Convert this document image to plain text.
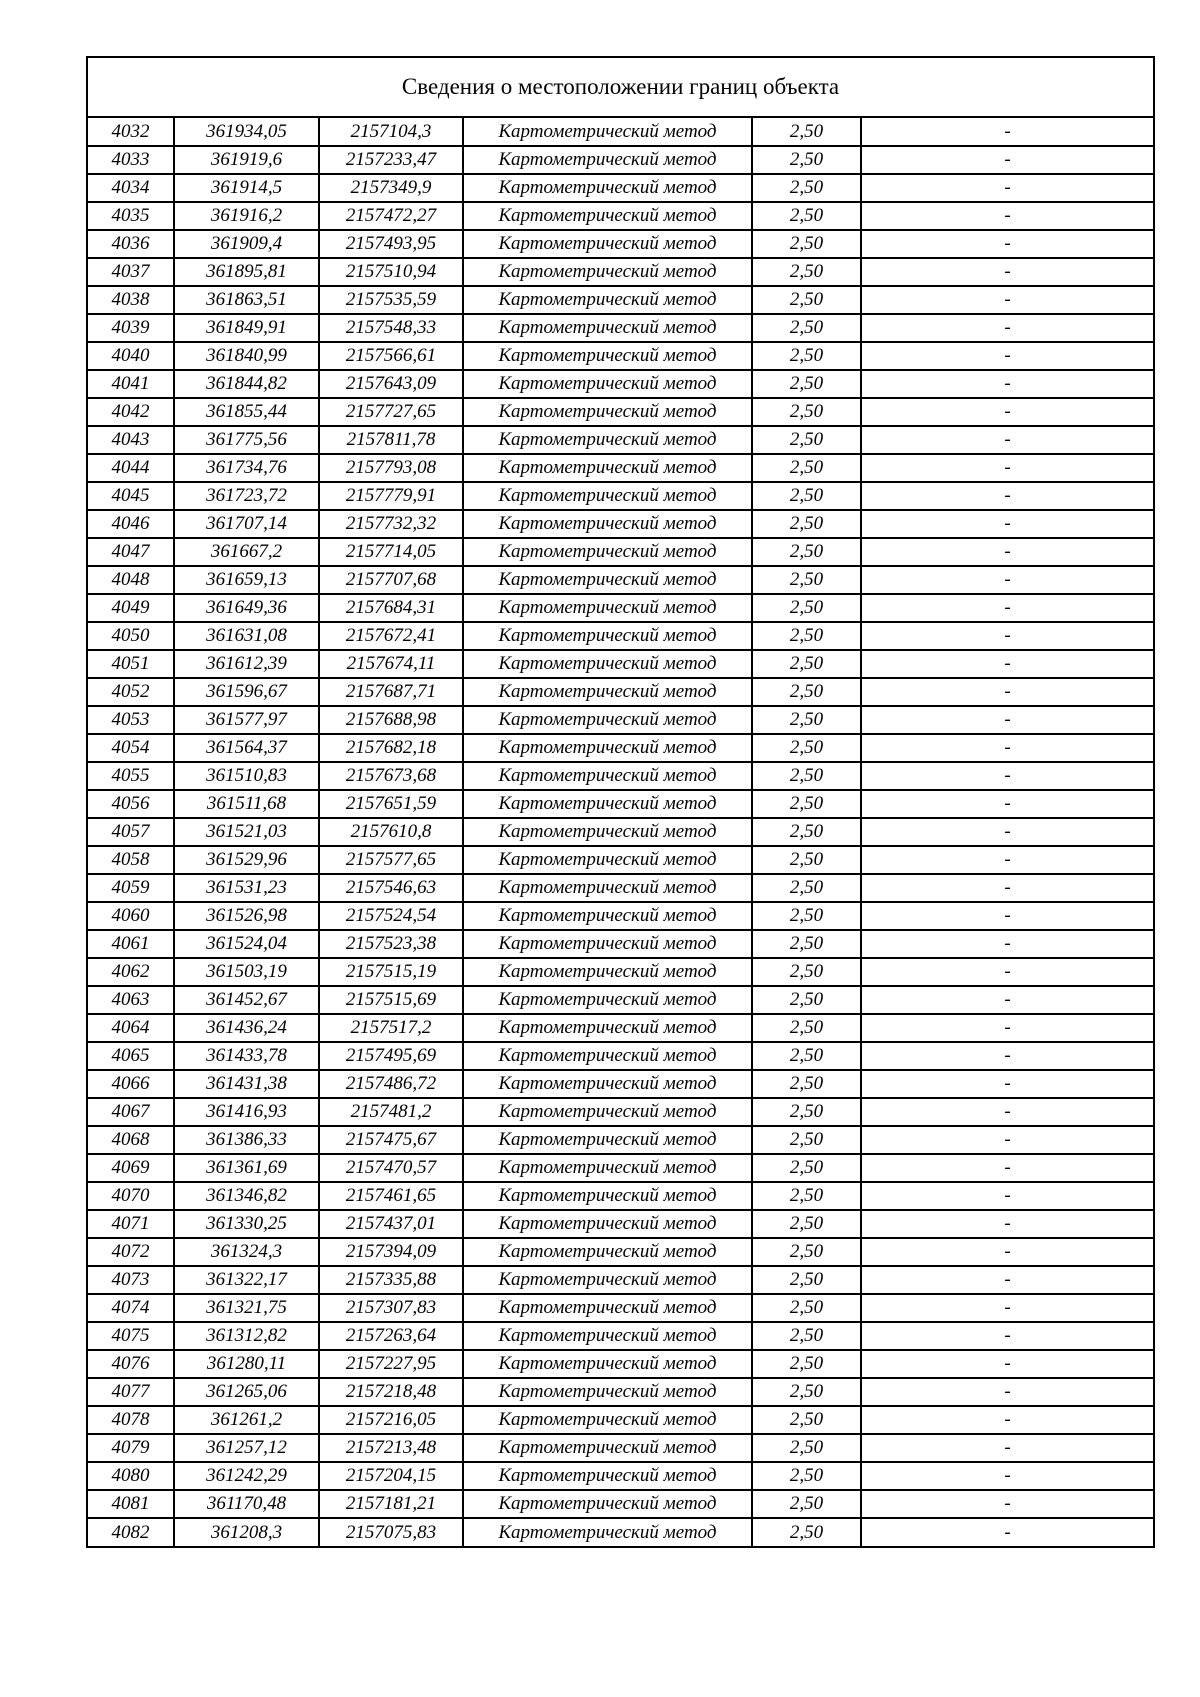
Сведения о местоположении границ объекта
4032	361934,05	2157104,3	Картометрический метод	2,50	-
4033	361919,6	2157233,47	Картометрический метод	2,50	-
4034	361914,5	2157349,9	Картометрический метод	2,50	-
4035	361916,2	2157472,27	Картометрический метод	2,50	-
4036	361909,4	2157493,95	Картометрический метод	2,50	-
4037	361895,81	2157510,94	Картометрический метод	2,50	-
4038	361863,51	2157535,59	Картометрический метод	2,50	-
4039	361849,91	2157548,33	Картометрический метод	2,50	-
4040	361840,99	2157566,61	Картометрический метод	2,50	-
4041	361844,82	2157643,09	Картометрический метод	2,50	-
4042	361855,44	2157727,65	Картометрический метод	2,50	-
4043	361775,56	2157811,78	Картометрический метод	2,50	-
4044	361734,76	2157793,08	Картометрический метод	2,50	-
4045	361723,72	2157779,91	Картометрический метод	2,50	-
4046	361707,14	2157732,32	Картометрический метод	2,50	-
4047	361667,2	2157714,05	Картометрический метод	2,50	-
4048	361659,13	2157707,68	Картометрический метод	2,50	-
4049	361649,36	2157684,31	Картометрический метод	2,50	-
4050	361631,08	2157672,41	Картометрический метод	2,50	-
4051	361612,39	2157674,11	Картометрический метод	2,50	-
4052	361596,67	2157687,71	Картометрический метод	2,50	-
4053	361577,97	2157688,98	Картометрический метод	2,50	-
4054	361564,37	2157682,18	Картометрический метод	2,50	-
4055	361510,83	2157673,68	Картометрический метод	2,50	-
4056	361511,68	2157651,59	Картометрический метод	2,50	-
4057	361521,03	2157610,8	Картометрический метод	2,50	-
4058	361529,96	2157577,65	Картометрический метод	2,50	-
4059	361531,23	2157546,63	Картометрический метод	2,50	-
4060	361526,98	2157524,54	Картометрический метод	2,50	-
4061	361524,04	2157523,38	Картометрический метод	2,50	-
4062	361503,19	2157515,19	Картометрический метод	2,50	-
4063	361452,67	2157515,69	Картометрический метод	2,50	-
4064	361436,24	2157517,2	Картометрический метод	2,50	-
4065	361433,78	2157495,69	Картометрический метод	2,50	-
4066	361431,38	2157486,72	Картометрический метод	2,50	-
4067	361416,93	2157481,2	Картометрический метод	2,50	-
4068	361386,33	2157475,67	Картометрический метод	2,50	-
4069	361361,69	2157470,57	Картометрический метод	2,50	-
4070	361346,82	2157461,65	Картометрический метод	2,50	-
4071	361330,25	2157437,01	Картометрический метод	2,50	-
4072	361324,3	2157394,09	Картометрический метод	2,50	-
4073	361322,17	2157335,88	Картометрический метод	2,50	-
4074	361321,75	2157307,83	Картометрический метод	2,50	-
4075	361312,82	2157263,64	Картометрический метод	2,50	-
4076	361280,11	2157227,95	Картометрический метод	2,50	-
4077	361265,06	2157218,48	Картометрический метод	2,50	-
4078	361261,2	2157216,05	Картометрический метод	2,50	-
4079	361257,12	2157213,48	Картометрический метод	2,50	-
4080	361242,29	2157204,15	Картометрический метод	2,50	-
4081	361170,48	2157181,21	Картометрический метод	2,50	-
4082	361208,3	2157075,83	Картометрический метод	2,50	-
